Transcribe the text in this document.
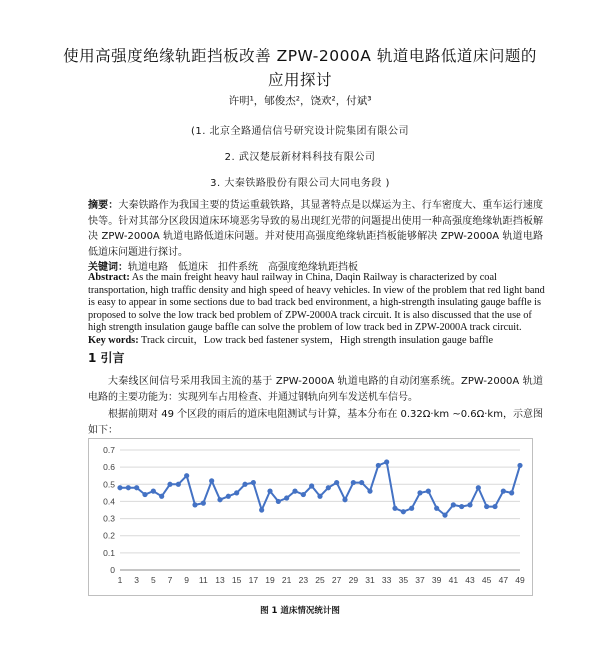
使用高强度绝缘轨距挡板改善 ZPW-2000A 轨道电路低道床问题的
应用探讨
许明¹，郇俊杰²，饶欢²，付斌³
(1. 北京全路通信信号研究设计院集团有限公司
2. 武汉楚辰新材料科技有限公司
3. 大秦铁路股份有限公司大同电务段 )
摘要：大秦铁路作为我国主要的货运重载铁路，其显著特点是以煤运为主、行车密度大、重车运行速度快等。针对其部分区段因道床环境恶劣导致的易出现红光带的问题提出使用一种高强度绝缘轨距挡板解决 ZPW-2000A 轨道电路低道床问题。并对使用高强度绝缘轨距挡板能够解决 ZPW-2000A 轨道电路低道床问题进行探讨。
关键词：轨道电路　低道床　扣件系统　高强度绝缘轨距挡板
Abstract: As the main freight heavy haul railway in China, Daqin Railway is characterized by coal transportation, high traffic density and high speed of heavy vehicles. In view of the problem that red light band is easy to appear in some sections due to bad track bed environment, a high-strength insulating gauge baffle is proposed to solve the low track bed problem of ZPW-2000A track circuit. It is also discussed that the use of high strength insulation gauge baffle can solve the problem of low track bed in ZPW-2000A track circuit.
Key words: Track circuit，Low track bed fastener system，High strength insulation gauge baffle
1 引言
大秦线区间信号采用我国主流的基于 ZPW-2000A 轨道电路的自动闭塞系统。ZPW-2000A 轨道电路的主要功能为：实现列车占用检查、并通过钢轨向列车发送机车信号。
根据前期对 49 个区段的雨后的道床电阻测试与计算，基本分布在 0.32Ω·km ~0.6Ω·km，示意图如下：
0
0.1
0.2
0.3
0.4
0.5
0.6
0.7
1 3 5 7 9 11 13 15 17 19 21 23 25 27 29 31 33 35 37 39 41 43 45 47 49
图 1 道床情况统计图
